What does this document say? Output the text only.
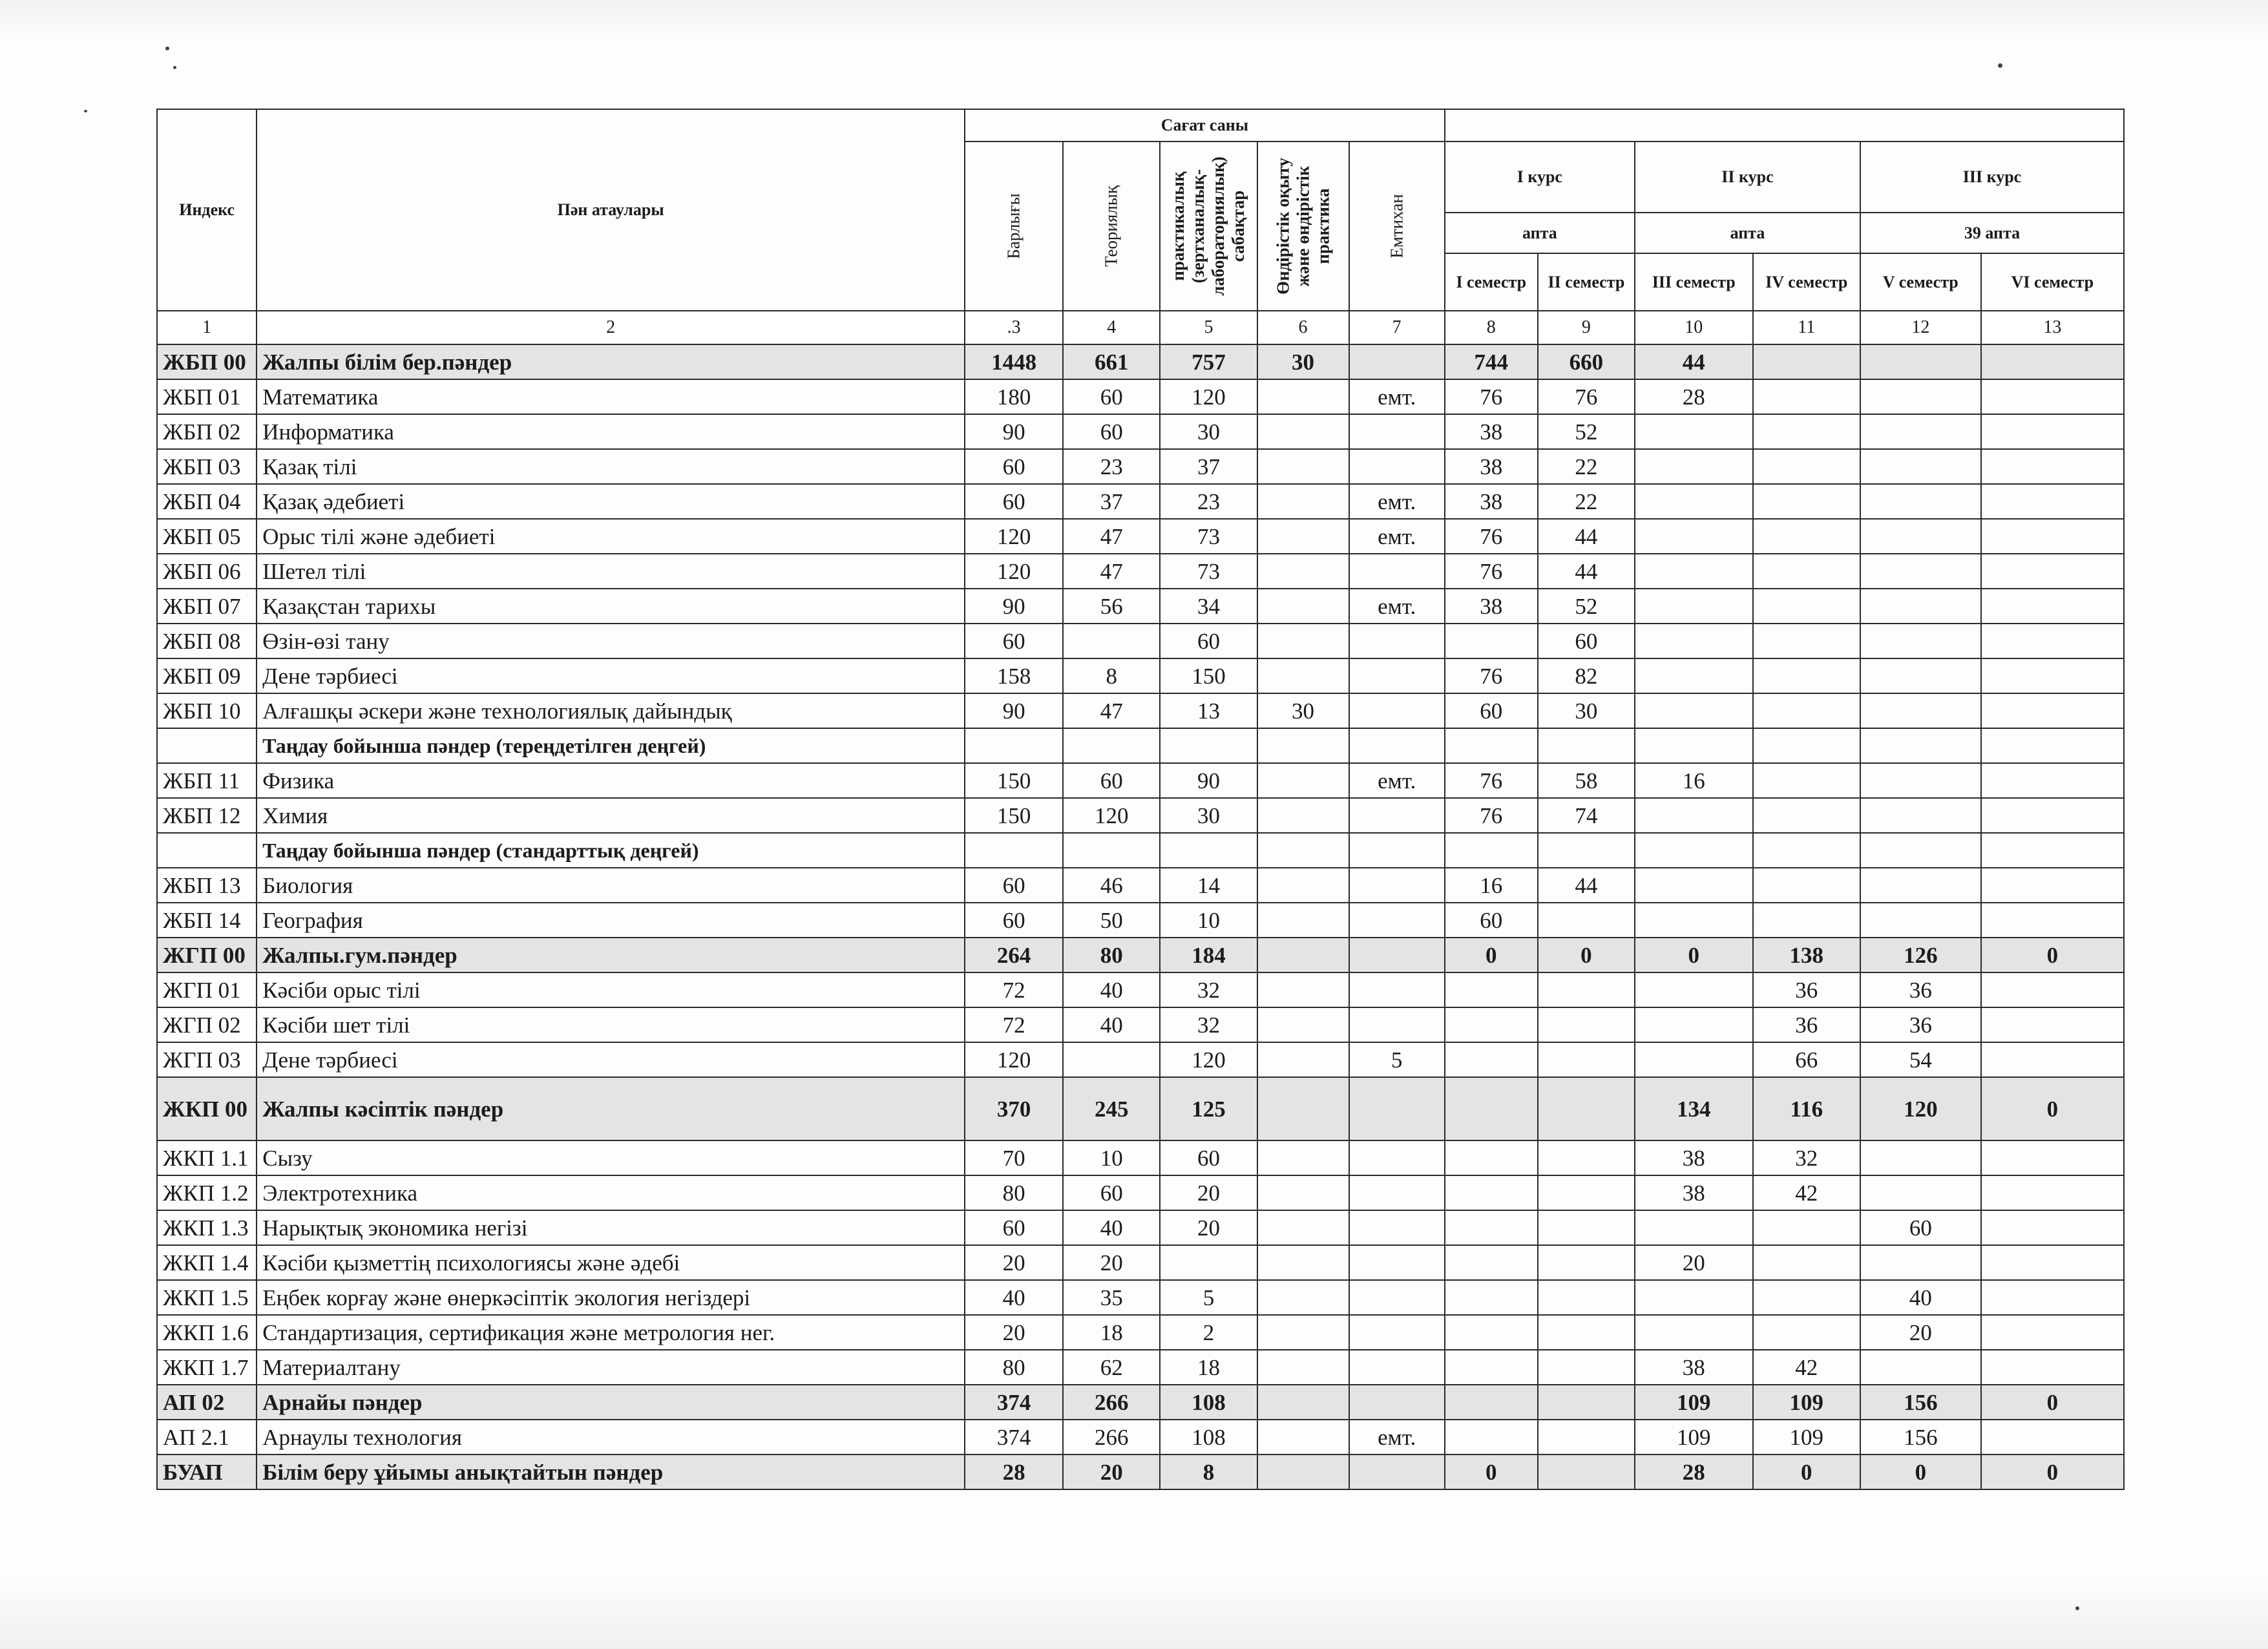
Индекс	Пән атаулары	Сағат саны										

		Барлығы	Теориялық	практикалық
(зертханалық-
лабораториялық)
сабақтар	Өндірістік оқыту
және өндірістік
практика	Емтихан	I курс		II курс		III курс	
							апта		апта		39 апта	
							I семестр	II семестр	III семестр	IV семестр	V семестр	VI семестр
1	2	.3	4	5	6	7	8	9	10	11	12	13
ЖБП 00	Жалпы білім бер.пәндер	1448	661	757	30		744	660	44			
ЖБП 01	Математика	180	60	120		емт.	76	76	28			
ЖБП 02	Информатика	90	60	30			38	52				
ЖБП 03	Қазақ тілі	60	23	37			38	22				
ЖБП 04	Қазақ әдебиеті	60	37	23		емт.	38	22				
ЖБП 05	Орыс тілі және әдебиеті	120	47	73		емт.	76	44				
ЖБП 06	Шетел тілі	120	47	73			76	44				
ЖБП 07	Қазақстан тарихы	90	56	34		емт.	38	52				
ЖБП 08	Өзін-өзі тану	60		60				60				
ЖБП 09	Дене тәрбиесі	158	8	150			76	82				
ЖБП 10	Алғашқы әскери және технологиялық дайындық	90	47	13	30		60	30				
	Таңдау бойынша пәндер (тереңдетілген деңгей)											
ЖБП 11	Физика	150	60	90		емт.	76	58	16			
ЖБП 12	Химия	150	120	30			76	74				
	Таңдау бойынша пәндер (стандарттық деңгей)											
ЖБП 13	Биология	60	46	14			16	44				
ЖБП 14	География	60	50	10			60					
ЖГП 00	Жалпы.гум.пәндер	264	80	184			0	0	0	138	126	0
ЖГП 01	Кәсіби орыс тілі	72	40	32						36	36	
ЖГП 02	Кәсіби шет тілі	72	40	32						36	36	
ЖГП 03	Дене тәрбиесі	120		120		5				66	54	
ЖКП 00	Жалпы кәсіптік пәндер	370	245	125					134	116	120	0
ЖКП 1.1	Сызу	70	10	60					38	32		
ЖКП 1.2	Электротехника	80	60	20					38	42		
ЖКП 1.3	Нарықтық экономика негізі	60	40	20							60	
ЖКП 1.4	Кәсіби қызметтің психологиясы және әдебі	20	20						20			
ЖКП 1.5	Еңбек корғау және өнеркәсіптік экология негіздері	40	35	5							40	
ЖКП 1.6	Стандартизация, сертификация және метрология нег.	20	18	2							20	
ЖКП 1.7	Материалтану	80	62	18					38	42		
АП 02	Арнайы пәндер	374	266	108					109	109	156	0
АП 2.1	Арнаулы технология	374	266	108		емт.			109	109	156	
БУАП	Білім беру ұйымы анықтайтын пәндер	28	20	8			0		28	0	0	0
